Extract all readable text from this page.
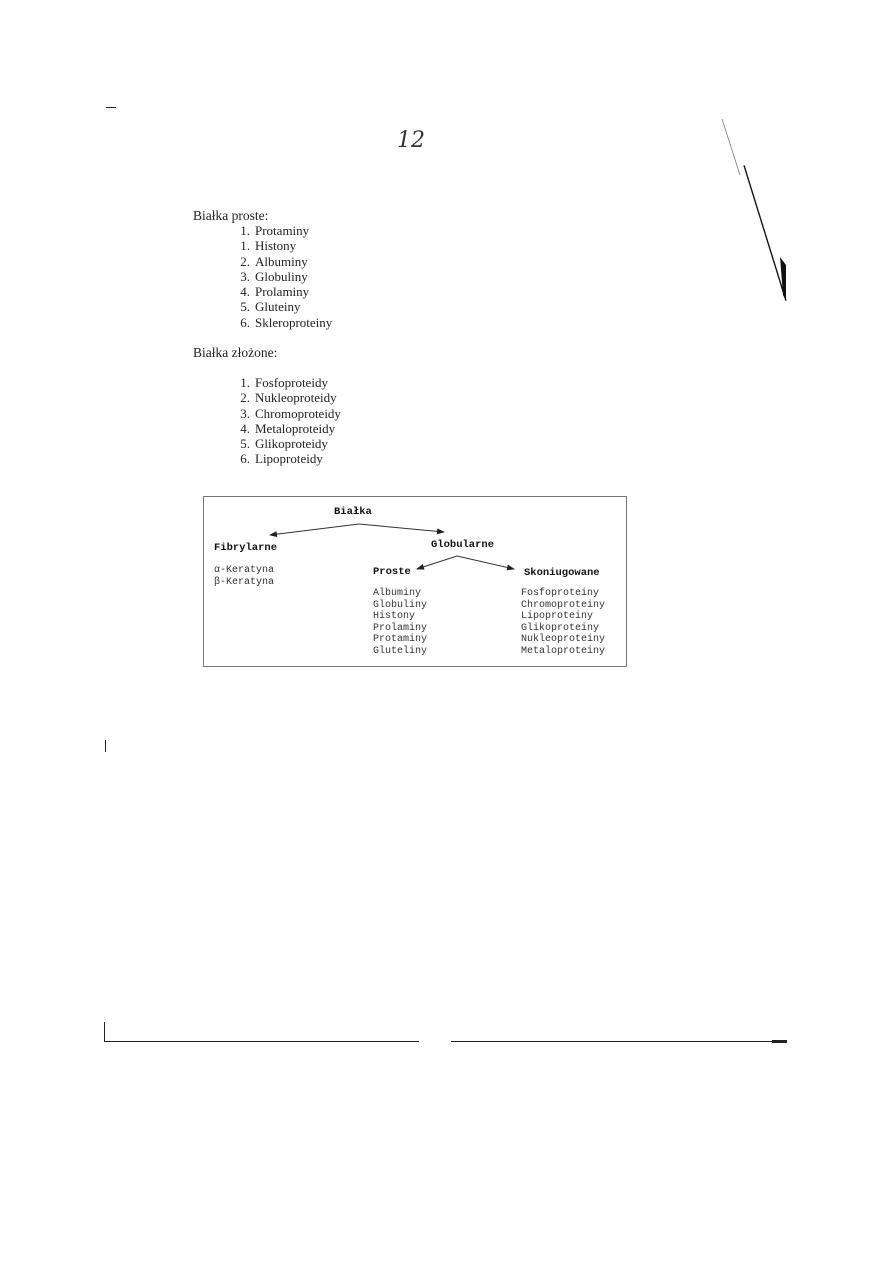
12
Białka proste:
1. Protaminy
1. Histony
2. Albuminy
3. Globuliny
4. Prolaminy
5. Gluteiny
6. Skleroproteiny
Białka złożone:
1. Fosfoproteidy
2. Nukleoproteidy
3. Chromoproteidy
4. Metaloproteidy
5. Glikoproteidy
6. Lipoproteidy
Białka
Fibrylarne	Globularne
Proste	Skoniugowane
α-Keratyna
β-Keratyna
Albuminy
Globuliny
Histony
Prolaminy
Protaminy
Gluteliny
Fosfoproteiny
Chromoproteiny
Lipoproteiny
Glikoproteiny
Nukleoproteiny
Metaloproteiny
